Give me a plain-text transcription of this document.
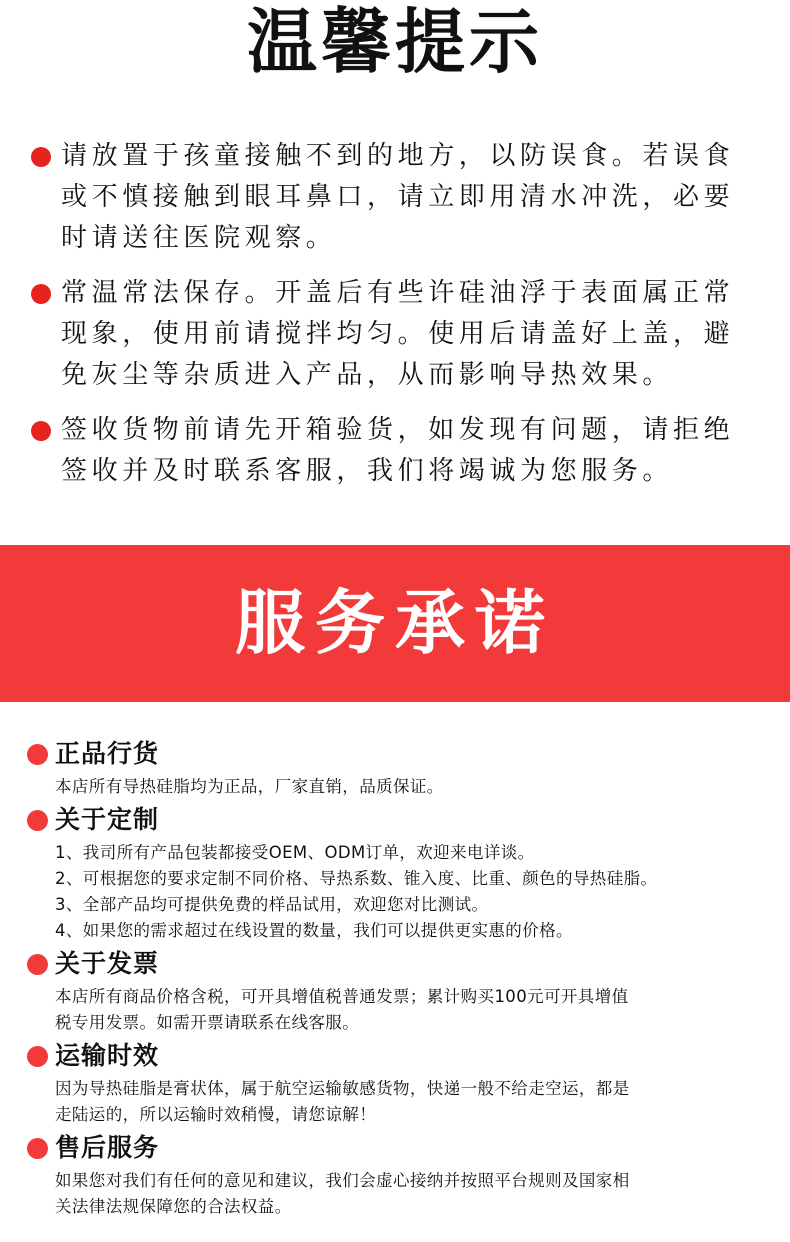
温馨提示
请放置于孩童接触不到的地方，以防误食。若误食
或不慎接触到眼耳鼻口，请立即用清水冲洗，必要
时请送往医院观察。
常温常法保存。开盖后有些许硅油浮于表面属正常
现象，使用前请搅拌均匀。使用后请盖好上盖，避
免灰尘等杂质进入产品，从而影响导热效果。
签收货物前请先开箱验货，如发现有问题，请拒绝
签收并及时联系客服，我们将竭诚为您服务。
服务承诺
正品行货
本店所有导热硅脂均为正品，厂家直销，品质保证。
关于定制
1、我司所有产品包装都接受OEM、ODM订单，欢迎来电详谈。
2、可根据您的要求定制不同价格、导热系数、锥入度、比重、颜色的导热硅脂。
3、全部产品均可提供免费的样品试用，欢迎您对比测试。
4、如果您的需求超过在线设置的数量，我们可以提供更实惠的价格。
关于发票
本店所有商品价格含税，可开具增值税普通发票；累计购买100元可开具增值
税专用发票。如需开票请联系在线客服。
运输时效
因为导热硅脂是膏状体，属于航空运输敏感货物，快递一般不给走空运，都是
走陆运的，所以运输时效稍慢，请您谅解！
售后服务
如果您对我们有任何的意见和建议，我们会虚心接纳并按照平台规则及国家相
关法律法规保障您的合法权益。
